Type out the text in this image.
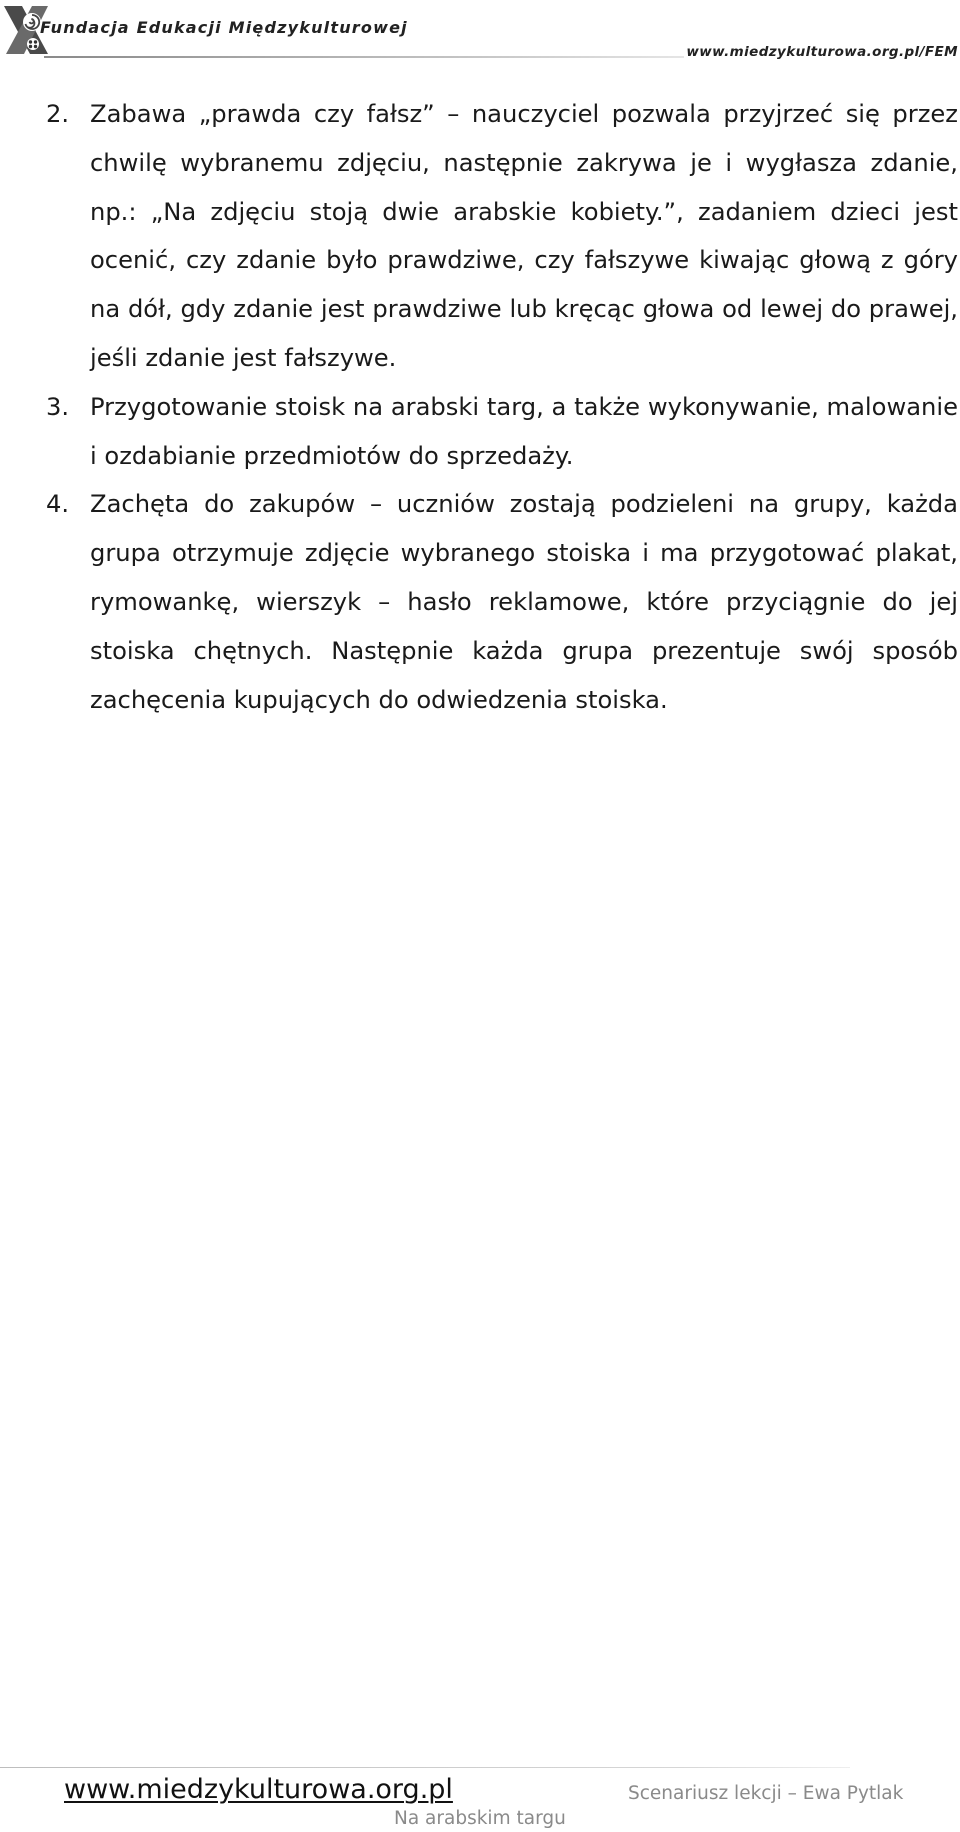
Fundacja Edukacji Międzykulturowej
www.miedzykulturowa.org.pl/FEM
2. Zabawa „prawda czy fałsz” – nauczyciel pozwala przyjrzeć się przez chwilę wybranemu zdjęciu, następnie zakrywa je i wygłasza zdanie, np.: „Na zdjęciu stoją dwie arabskie kobiety.”, zadaniem dzieci jest ocenić, czy zdanie było prawdziwe, czy fałszywe kiwając głową z góry na dół, gdy zdanie jest prawdziwe lub kręcąc głowa od lewej do prawej, jeśli zdanie jest fałszywe.
3. Przygotowanie stoisk na arabski targ, a także wykonywanie, malowanie i ozdabianie przedmiotów do sprzedaży.
4. Zachęta do zakupów – uczniów zostają podzieleni na grupy, każda grupa otrzymuje zdjęcie wybranego stoiska i ma przygotować plakat, rymowankę, wierszyk – hasło reklamowe, które przyciągnie do jej stoiska chętnych. Następnie każda grupa prezentuje swój sposób zachęcenia kupujących do odwiedzenia stoiska.
www.miedzykulturowa.org.pl	Scenariusz lekcji – Ewa Pytlak
Na arabskim targu
